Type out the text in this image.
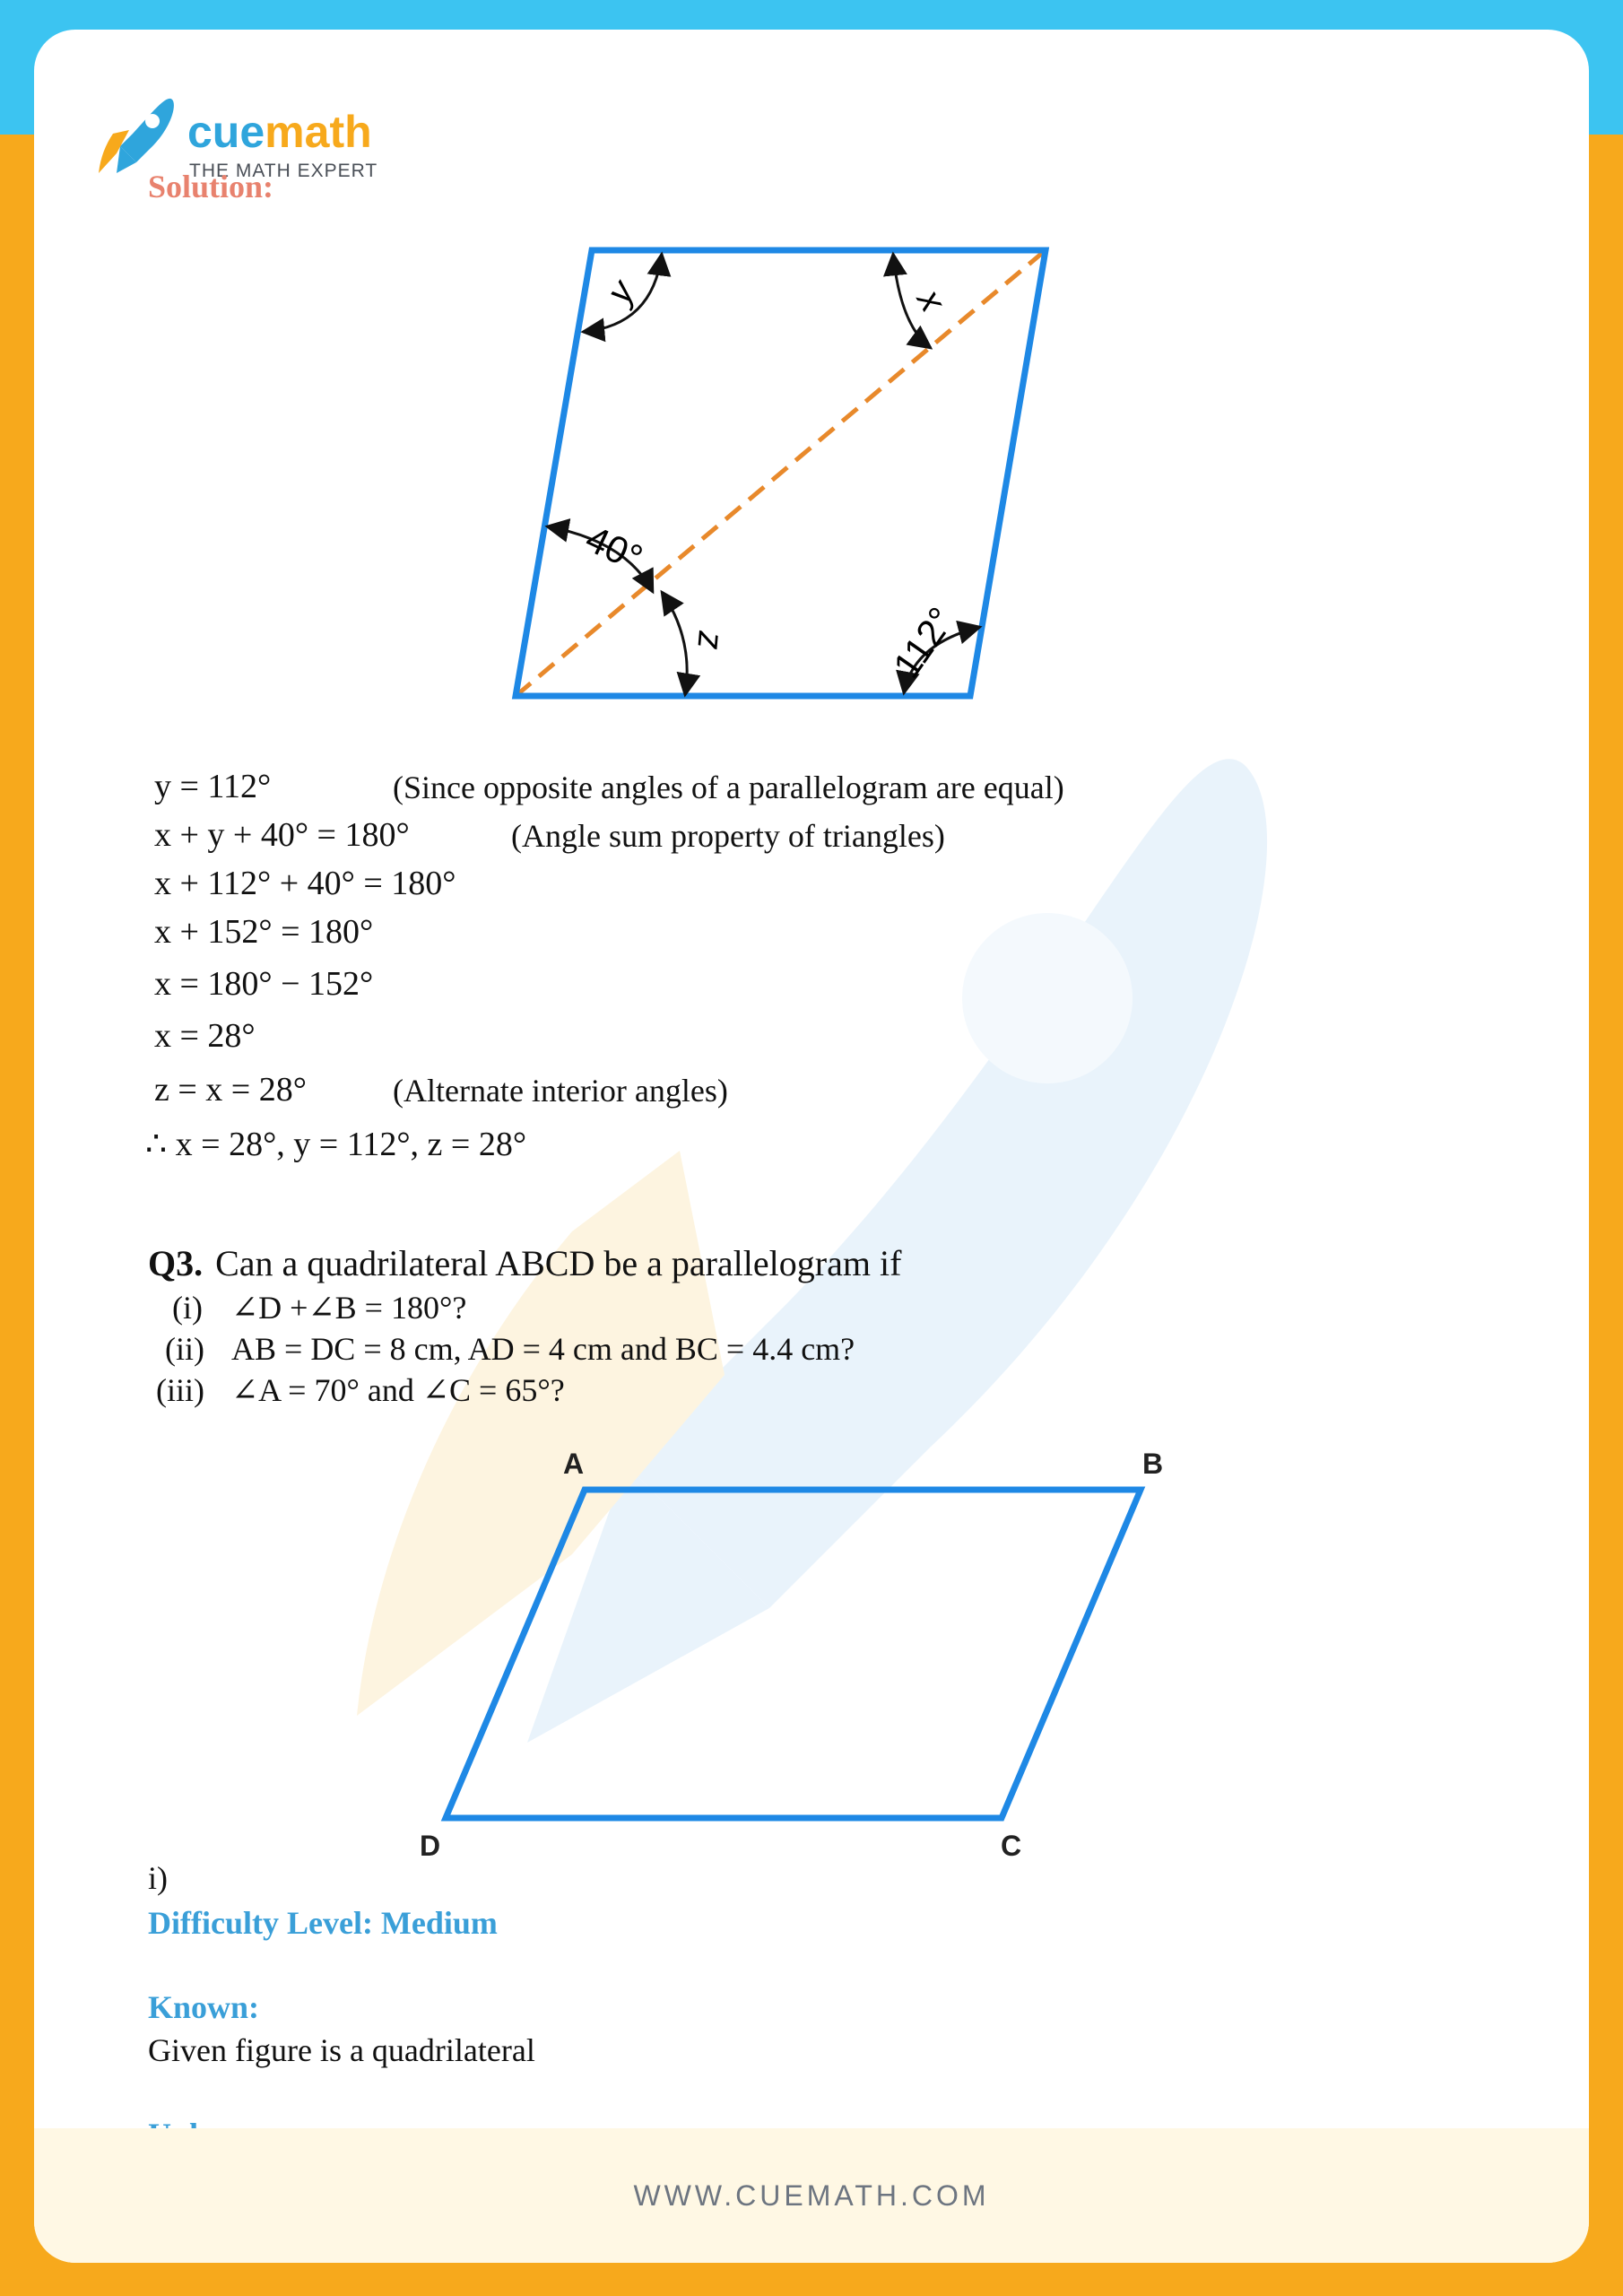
cuemath
THE MATH EXPERT
Solution:
y	x
40°
z	112°
y = 112°	(Since opposite angles of a parallelogram are equal)
x + y + 40° = 180°	(Angle sum property of triangles)
x + 112° + 40° = 180°
x + 152° = 180°
x = 180° − 152°
x = 28°
z = x = 28°	(Alternate interior angles)
∴ x = 28°, y = 112°, z = 28°
Q3. Can a quadrilateral ABCD be a parallelogram if
(i) ∠D +∠B = 180°?
(ii) AB = DC = 8 cm, AD = 4 cm and BC = 4.4 cm?
(iii) ∠A = 70° and ∠C = 65°?
A	B
C
D
i)
Difficulty Level: Medium
Known:
Given figure is a quadrilateral
WWW.CUEMATH.COM
